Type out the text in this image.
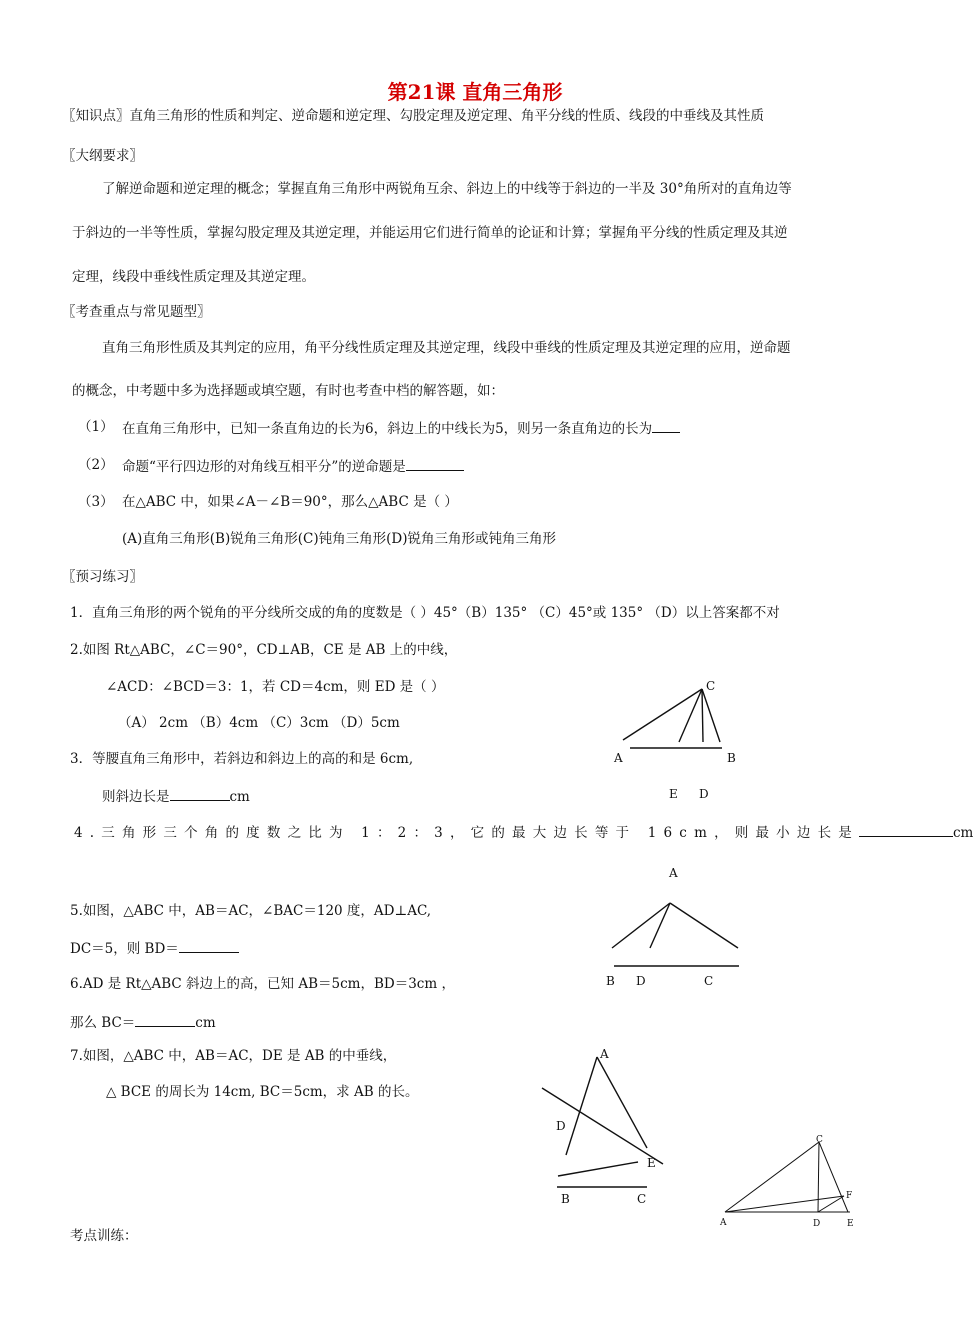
第21课 直角三角形
〖知识点〗直角三角形的性质和判定、逆命题和逆定理、勾股定理及逆定理、角平分线的性质、线段的中垂线及其性质
〖大纲要求〗
了解逆命题和逆定理的概念；掌握直角三角形中两锐角互余、斜边上的中线等于斜边的一半及 30°角所对的直角边等
于斜边的一半等性质，掌握勾股定理及其逆定理，并能运用它们进行简单的论证和计算；掌握角平分线的性质定理及其逆
定理，线段中垂线性质定理及其逆定理。
〖考查重点与常见题型〗
直角三角形性质及其判定的应用，角平分线性质定理及其逆定理，线段中垂线的性质定理及其逆定理的应用，逆命题
的概念，中考题中多为选择题或填空题，有时也考查中档的解答题，如：
（1） 在直角三角形中，已知一条直角边的长为6，斜边上的中线长为5，则另一条直角边的长为
（2） 命题“平行四边形的对角线互相平分”的逆命题是
（3） 在△ABC 中，如果∠A－∠B＝90°，那么△ABC 是（ ）
(A)直角三角形(B)锐角三角形(C)钝角三角形(D)锐角三角形或钝角三角形
〖预习练习〗
1．直角三角形的两个锐角的平分线所交成的角的度数是（ ）45°（B）135° （C）45°或 135° （D）以上答案都不对
2.如图 Rt△ABC，∠C＝90°，CD⊥AB，CE 是 AB 上的中线，
∠ACD：∠BCD＝3：1，若 CD＝4cm，则 ED 是（ ）
（A） 2cm （B）4cm （C）3cm （D）5cm
3．等腰直角三角形中，若斜边和斜边上的高的和是 6cm,
则斜边长是	cm
4.三角形三个角的度数之比为 1：2：3，它的最大边长等于 16cm，则最小边长是	cm
5.如图，△ABC 中，AB＝AC，∠BAC＝120 度，AD⊥AC,
DC＝5，则 BD＝
6.AD 是 Rt△ABC 斜边上的高，已知 AB＝5cm，BD＝3cm ，
那么 BC＝	cm
7.如图，△ABC 中，AB＝AC，DE 是 AB 的中垂线，
△ BCE 的周长为 14cm, BC＝5cm，求 AB 的长。
考点训练：
C
A	B
E D
A
B D	C
A
D
E
B	C
C
F
A	D	E
